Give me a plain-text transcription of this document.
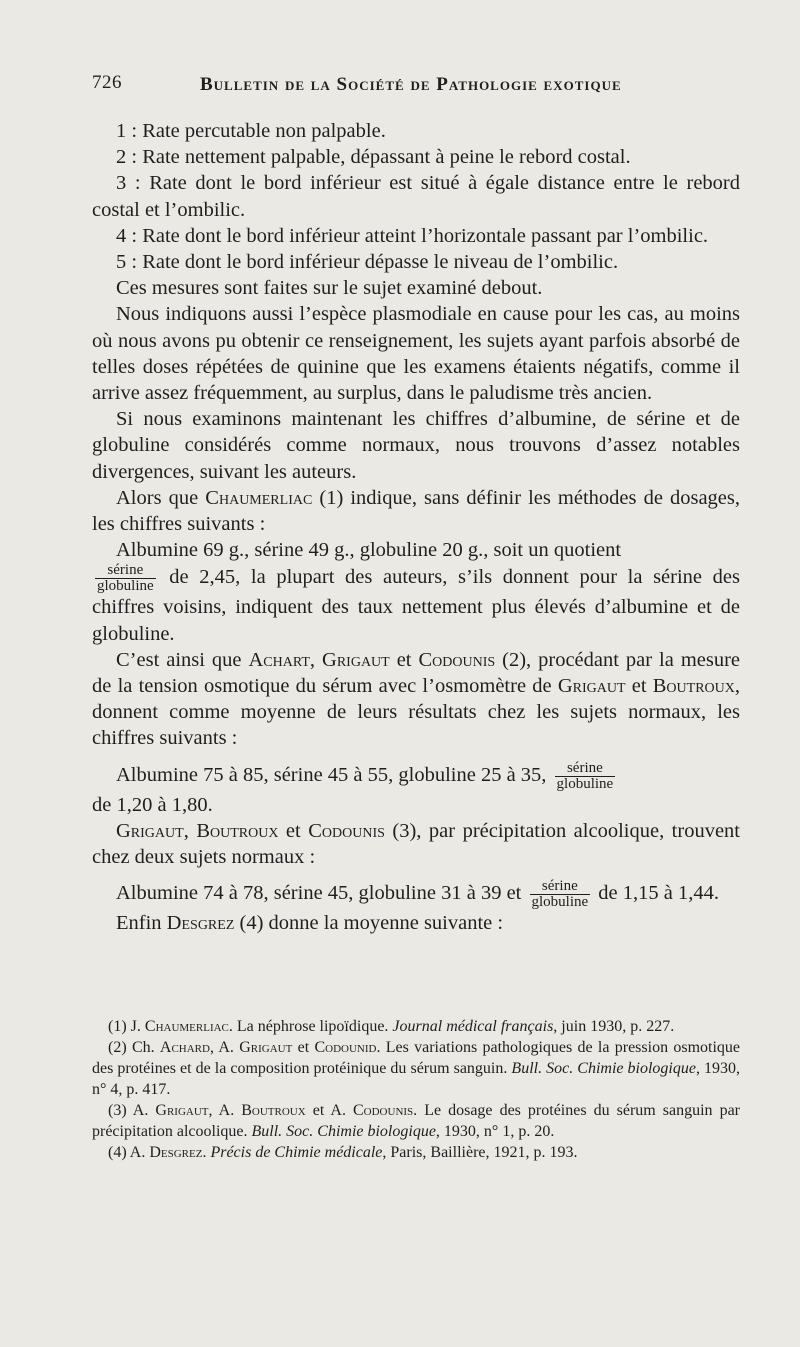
726	Bulletin de la Société de Pathologie exotique

1 : Rate percutable non palpable.

2 : Rate nettement palpable, dépassant à peine le rebord costal.

3 : Rate dont le bord inférieur est situé à égale distance entre le rebord costal et l’ombilic.

4 : Rate dont le bord inférieur atteint l’horizontale passant par l’ombilic.

5 : Rate dont le bord inférieur dépasse le niveau de l’ombilic.

Ces mesures sont faites sur le sujet examiné debout.

Nous indiquons aussi l’espèce plasmodiale en cause pour les cas, au moins où nous avons pu obtenir ce renseignement, les sujets ayant parfois absorbé de telles doses répétées de quinine que les examens étaients négatifs, comme il arrive assez fréquemment, au surplus, dans le paludisme très ancien.

Si nous examinons maintenant les chiffres d’albumine, de sérine et de globuline considérés comme normaux, nous trouvons d’assez notables divergences, suivant les auteurs.

Alors que Chaumerliac (1) indique, sans définir les méthodes de dosages, les chiffres suivants :

Albumine 69 g., sérine 49 g., globuline 20 g., soit un quotient

$\frac{\text{sérine}}{\text{globuline}}$ de 2,45, la plupart des auteurs, s’ils donnent pour la sérine des chiffres voisins, indiquent des taux nettement plus élevés d’albumine et de globuline.

C’est ainsi que Achart, Grigaut et Codounis (2), procédant par la mesure de la tension osmotique du sérum avec l’osmomètre de Grigaut et Boutroux, donnent comme moyenne de leurs résultats chez les sujets normaux, les chiffres suivants :

Albumine 75 à 85, sérine 45 à 55, globuline 25 à 35, $\frac{\text{sérine}}{\text{globuline}}$

de 1,20 à 1,80.

Grigaut, Boutroux et Codounis (3), par précipitation alcoolique, trouvent chez deux sujets normaux :

Albumine 74 à 78, sérine 45, globuline 31 à 39 et $\frac{\text{sérine}}{\text{globuline}}$ de 1,15 à 1,44.

Enfin Desgrez (4) donne la moyenne suivante :

(1) J. Chaumerliac. La néphrose lipoïdique. Journal médical français, juin 1930, p. 227.

(2) Ch. Achard, A. Grigaut et Codounid. Les variations pathologiques de la pression osmotique des protéines et de la composition protéinique du sérum sanguin. Bull. Soc. Chimie biologique, 1930, n° 4, p. 417.

(3) A. Grigaut, A. Boutroux et A. Codounis. Le dosage des protéines du sérum sanguin par précipitation alcoolique. Bull. Soc. Chimie biologique, 1930, n° 1, p. 20.

(4) A. Desgrez. Précis de Chimie médicale, Paris, Baillière, 1921, p. 193.
